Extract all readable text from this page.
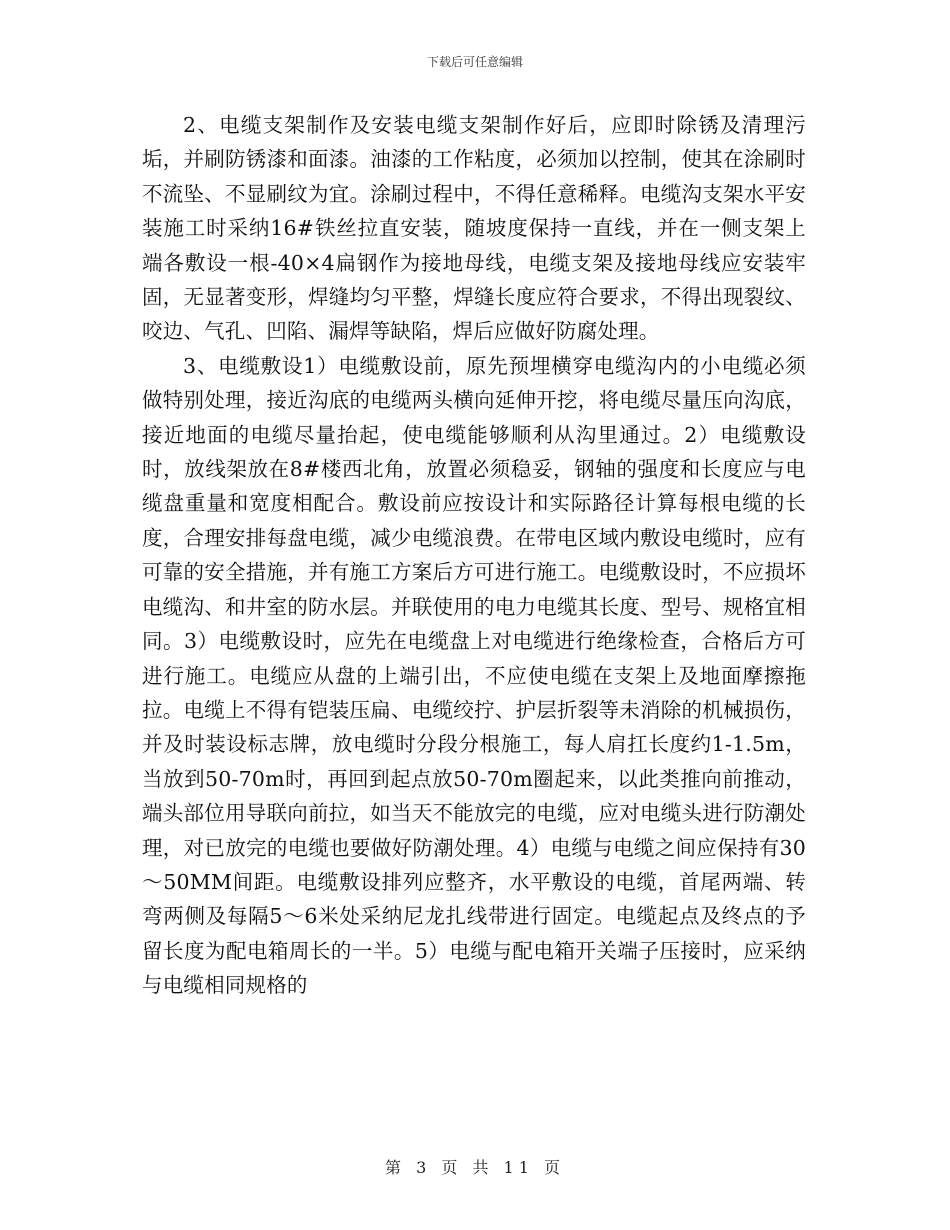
下载后可任意编辑

2、电缆支架制作及安装电缆支架制作好后，应即时除锈及清理污垢，并刷防锈漆和面漆。油漆的工作粘度，必须加以控制，使其在涂刷时不流坠、不显刷纹为宜。涂刷过程中，不得任意稀释。电缆沟支架水平安装施工时采纳16#铁丝拉直安装，随坡度保持一直线，并在一侧支架上端各敷设一根-40×4扁钢作为接地母线，电缆支架及接地母线应安装牢固，无显著变形，焊缝均匀平整，焊缝长度应符合要求，不得出现裂纹、咬边、气孔、凹陷、漏焊等缺陷，焊后应做好防腐处理。

3、电缆敷设1）电缆敷设前，原先预埋横穿电缆沟内的小电缆必须做特别处理，接近沟底的电缆两头横向延伸开挖，将电缆尽量压向沟底，接近地面的电缆尽量抬起，使电缆能够顺利从沟里通过。2）电缆敷设时，放线架放在8#楼西北角，放置必须稳妥，钢轴的强度和长度应与电缆盘重量和宽度相配合。敷设前应按设计和实际路径计算每根电缆的长度，合理安排每盘电缆，减少电缆浪费。在带电区域内敷设电缆时，应有可靠的安全措施，并有施工方案后方可进行施工。电缆敷设时，不应损坏电缆沟、和井室的防水层。并联使用的电力电缆其长度、型号、规格宜相同。3）电缆敷设时，应先在电缆盘上对电缆进行绝缘检查，合格后方可进行施工。电缆应从盘的上端引出，不应使电缆在支架上及地面摩擦拖拉。电缆上不得有铠装压扁、电缆绞拧、护层折裂等未消除的机械损伤，并及时装设标志牌，放电缆时分段分根施工，每人肩扛长度约1-1.5m，当放到50-70m时，再回到起点放50-70m圈起来，以此类推向前推动，端头部位用导联向前拉，如当天不能放完的电缆，应对电缆头进行防潮处理，对已放完的电缆也要做好防潮处理。4）电缆与电缆之间应保持有30～50MM间距。电缆敷设排列应整齐，水平敷设的电缆，首尾两端、转弯两侧及每隔5～6米处采纳尼龙扎线带进行固定。电缆起点及终点的予留长度为配电箱周长的一半。5）电缆与配电箱开关端子压接时，应采纳与电缆相同规格的

第 3 页 共 11 页
